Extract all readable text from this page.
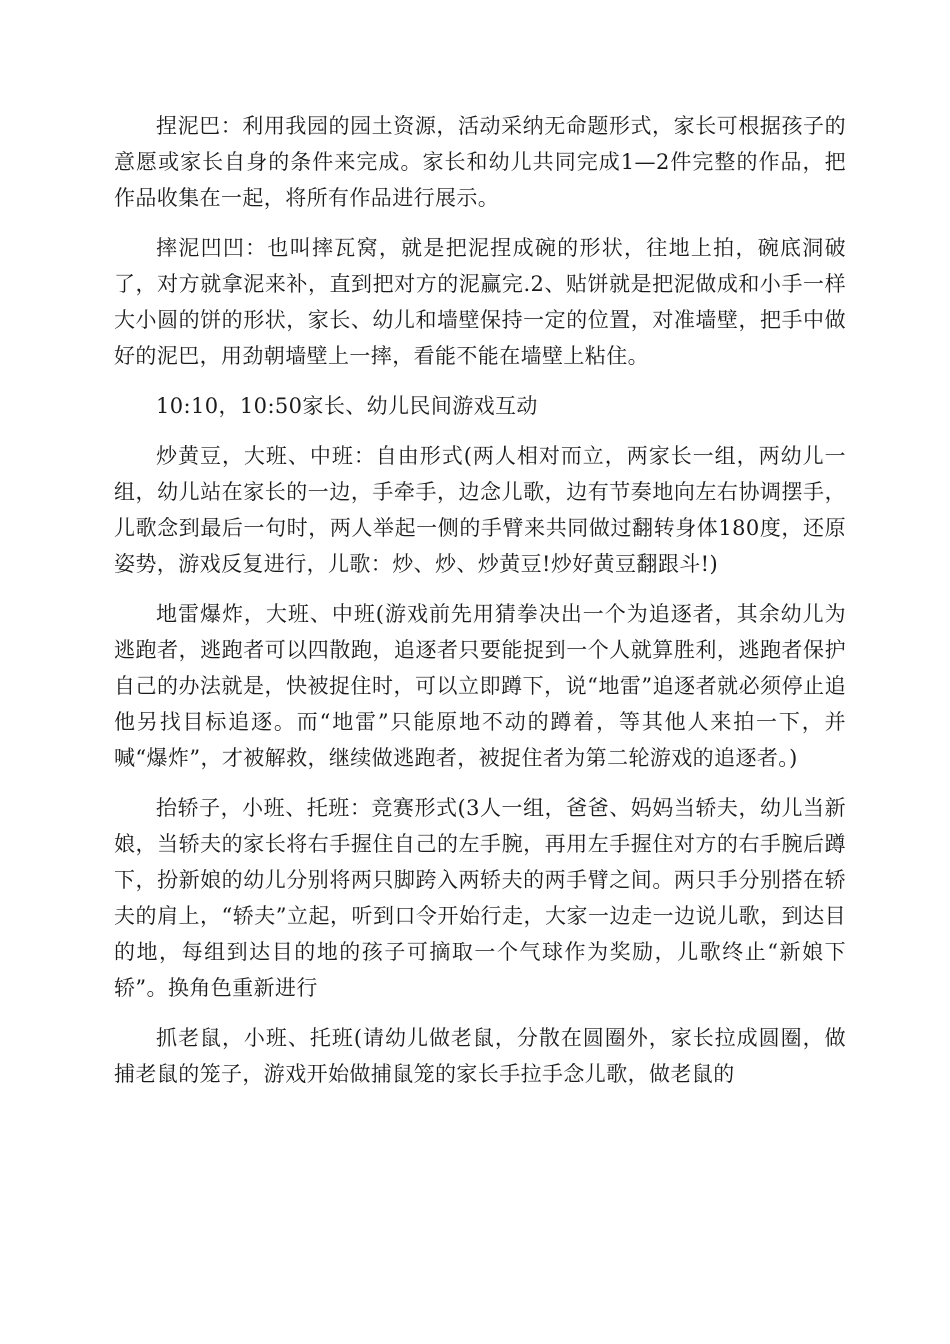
捏泥巴：利用我园的园土资源，活动采纳无命题形式，家长可根据孩子的意愿或家长自身的条件来完成。家长和幼儿共同完成1—2件完整的作品，把作品收集在一起，将所有作品进行展示。

摔泥凹凹：也叫摔瓦窝，就是把泥捏成碗的形状，往地上拍，碗底洞破了，对方就拿泥来补，直到把对方的泥赢完.2、贴饼就是把泥做成和小手一样大小圆的饼的形状，家长、幼儿和墙壁保持一定的位置，对准墙壁，把手中做好的泥巴，用劲朝墙壁上一摔，看能不能在墙壁上粘住。

10:10，10:50家长、幼儿民间游戏互动

炒黄豆，大班、中班：自由形式(两人相对而立，两家长一组，两幼儿一组，幼儿站在家长的一边，手牵手，边念儿歌，边有节奏地向左右协调摆手，儿歌念到最后一句时，两人举起一侧的手臂来共同做过翻转身体180度，还原姿势，游戏反复进行，儿歌：炒、炒、炒黄豆!炒好黄豆翻跟斗!)

地雷爆炸，大班、中班(游戏前先用猜拳决出一个为追逐者，其余幼儿为逃跑者，逃跑者可以四散跑，追逐者只要能捉到一个人就算胜利，逃跑者保护自己的办法就是，快被捉住时，可以立即蹲下，说“地雷”追逐者就必须停止追他另找目标追逐。而“地雷”只能原地不动的蹲着，等其他人来拍一下，并喊“爆炸”，才被解救，继续做逃跑者，被捉住者为第二轮游戏的追逐者。)

抬轿子，小班、托班：竞赛形式(3人一组，爸爸、妈妈当轿夫，幼儿当新娘，当轿夫的家长将右手握住自己的左手腕，再用左手握住对方的右手腕后蹲下，扮新娘的幼儿分别将两只脚跨入两轿夫的两手臂之间。两只手分别搭在轿夫的肩上，“轿夫”立起，听到口令开始行走，大家一边走一边说儿歌，到达目的地，每组到达目的地的孩子可摘取一个气球作为奖励，儿歌终止“新娘下轿”。换角色重新进行

抓老鼠，小班、托班(请幼儿做老鼠，分散在圆圈外，家长拉成圆圈，做捕老鼠的笼子，游戏开始做捕鼠笼的家长手拉手念儿歌，做老鼠的
